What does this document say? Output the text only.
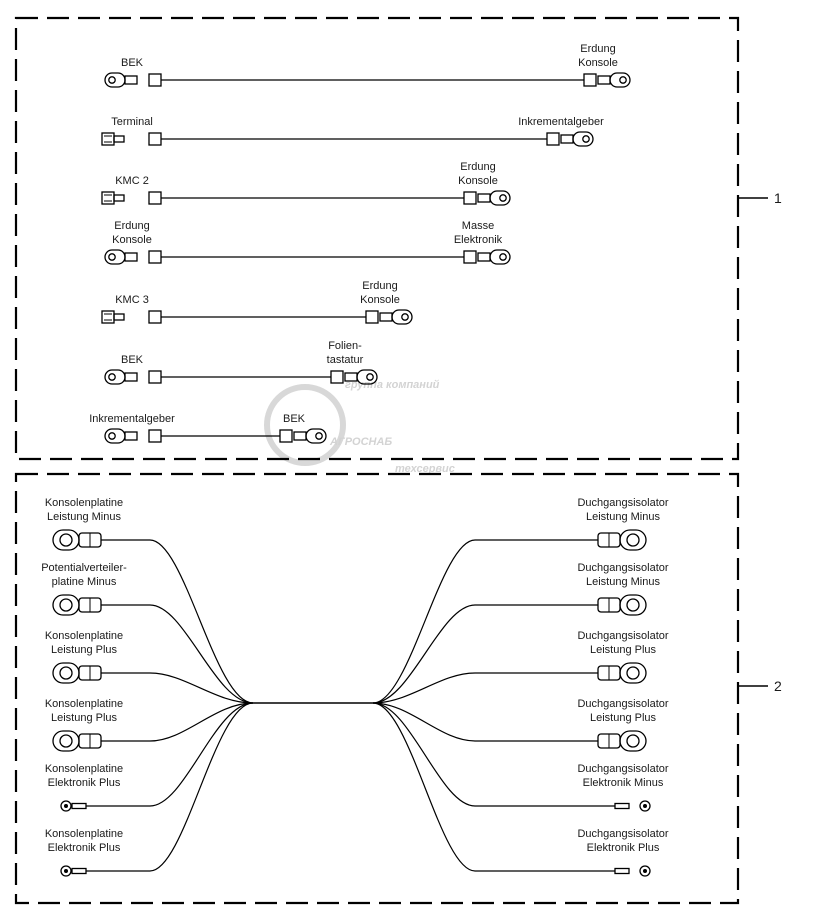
группа компаний
АГРОСНАБ
техсервис
1
2
BEK
Erdung
Konsole
Terminal	Inkrementalgeber
KMC 2
Erdung
Konsole
Erdung
Konsole
Masse
Elektronik
KMC 3
Erdung
Konsole
BEK
Folien-
tastatur
Inkrementalgeber	BEK
Konsolenplatine
Leistung Minus
Potentialverteiler-
platine Minus
Konsolenplatine
Leistung Plus
Konsolenplatine
Leistung Plus
Konsolenplatine
Elektronik Plus
Konsolenplatine
Elektronik Plus
Duchgangsisolator
Leistung Minus
Duchgangsisolator
Leistung Minus
Duchgangsisolator
Leistung Plus
Duchgangsisolator
Leistung Plus
Duchgangsisolator
Elektronik Minus
Duchgangsisolator
Elektronik Plus
